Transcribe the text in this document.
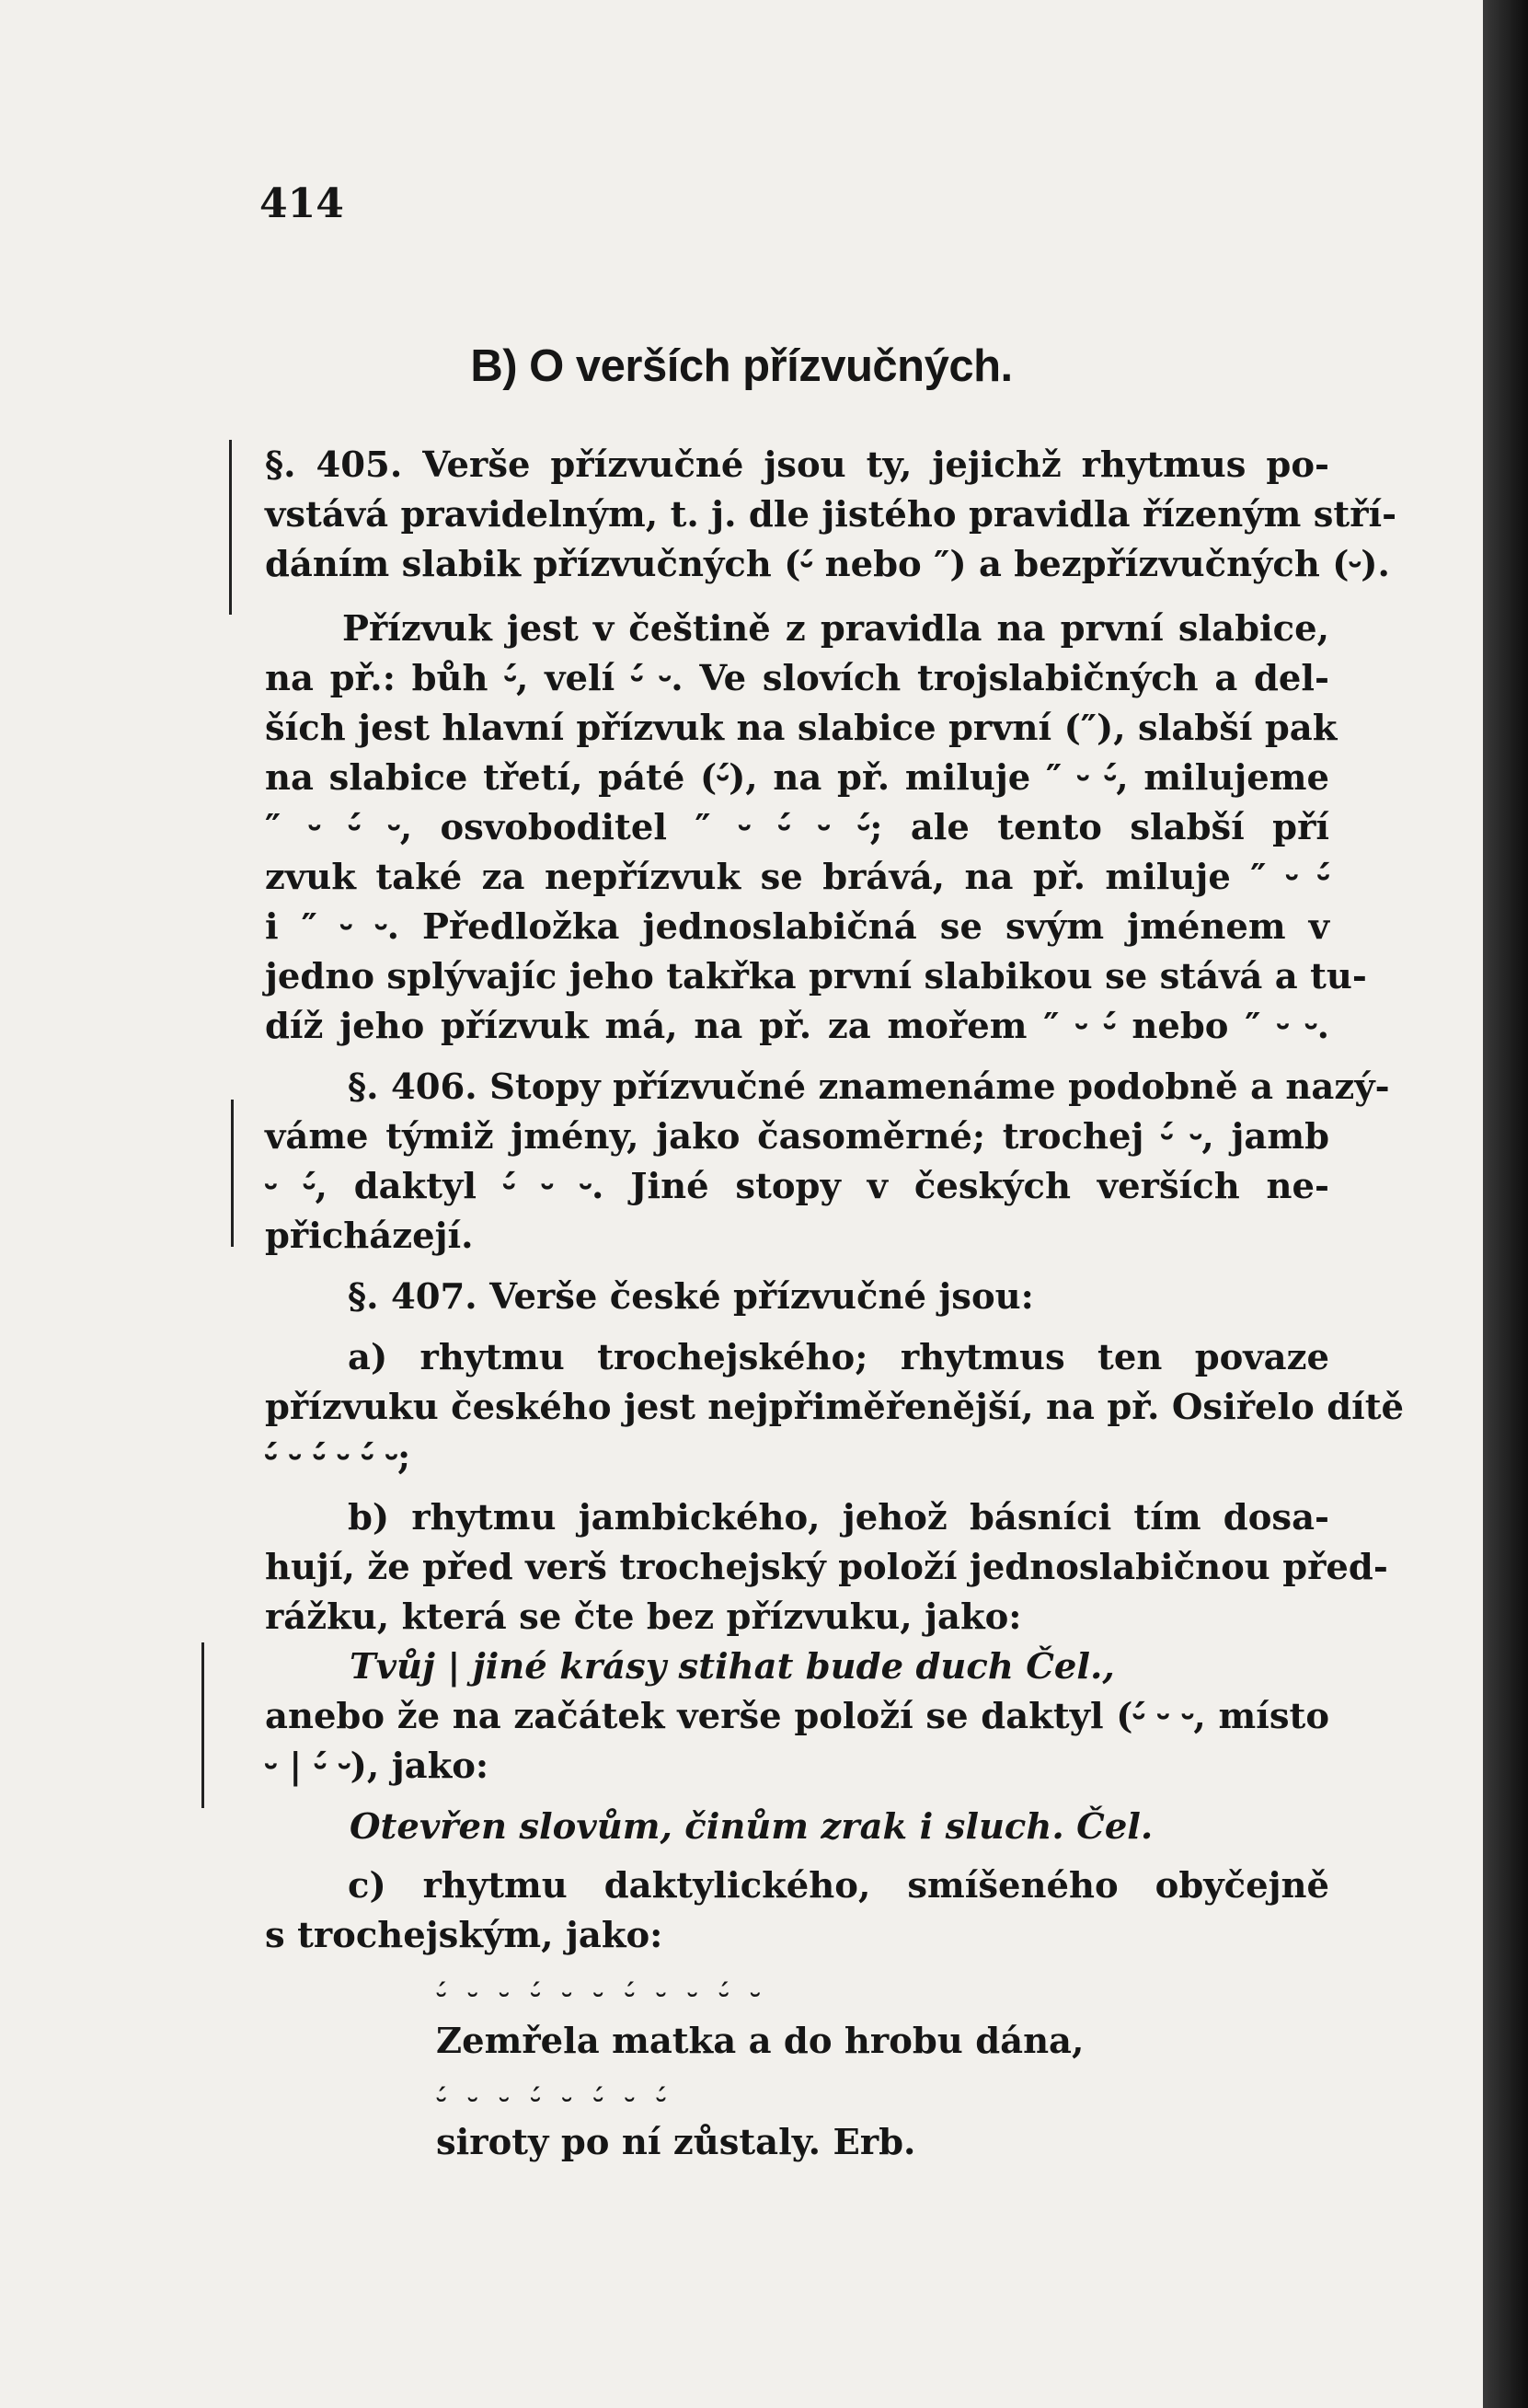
414

B) O verších přízvučných.

§. 405. Verše přízvučné jsou ty, jejichž rhytmus po-

vstává pravidelným, t. j. dle jistého pravidla řízeným stří-

dáním slabik přízvučných (⏑́ nebo ″) a bezpřízvučných (⏑).

Přízvuk jest v češtině z pravidla na první slabice,

na př.: bůh ⏑́, velí ⏑́ ⏑. Ve slovích trojslabičných a del-

ších jest hlavní přízvuk na slabice první (″), slabší pak

na slabice třetí, páté (⏑́), na př. miluje ″ ⏑ ⏑́, milujeme

″ ⏑ ⏑́ ⏑, osvoboditel ″ ⏑ ⏑́ ⏑ ⏑́; ale tento slabší pří

zvuk také za nepřízvuk se brává, na př. miluje ″ ⏑ ⏑́

i ″ ⏑ ⏑. Předložka jednoslabičná se svým jménem v

jedno splývajíc jeho takřka první slabikou se stává a tu-

díž jeho přízvuk má, na př. za mořem ″ ⏑ ⏑́ nebo ″ ⏑ ⏑.

§. 406. Stopy přízvučné znamenáme podobně a nazý-

váme týmiž jmény, jako časoměrné; trochej ⏑́ ⏑, jamb

⏑ ⏑́, daktyl ⏑́ ⏑ ⏑. Jiné stopy v českých verších ne-

přicházejí.

§. 407. Verše české přízvučné jsou:

a) rhytmu trochejského; rhytmus ten povaze

přízvuku českého jest nejpřiměřenější, na př. Osiřelo dítě

⏑́ ⏑ ⏑́ ⏑ ⏑́ ⏑;

b) rhytmu jambického, jehož básníci tím dosa-

hují, že před verš trochejský položí jednoslabičnou před-

rážku, která se čte bez přízvuku, jako:

Tvůj | jiné krásy stihat bude duch Čel.,

anebo že na začátek verše položí se daktyl (⏑́ ⏑ ⏑, místo

⏑ | ⏑́ ⏑), jako:

Otevřen slovům, činům zrak i sluch. Čel.

c) rhytmu daktylického, smíšeného obyčejně

s trochejským, jako:

⏑́ ⏑ ⏑ ⏑́ ⏑ ⏑ ⏑́ ⏑ ⏑ ⏑́ ⏑

Zemřela matka a do hrobu dána,

⏑́ ⏑ ⏑ ⏑́ ⏑ ⏑́ ⏑ ⏑́

siroty po ní zůstaly. Erb.
